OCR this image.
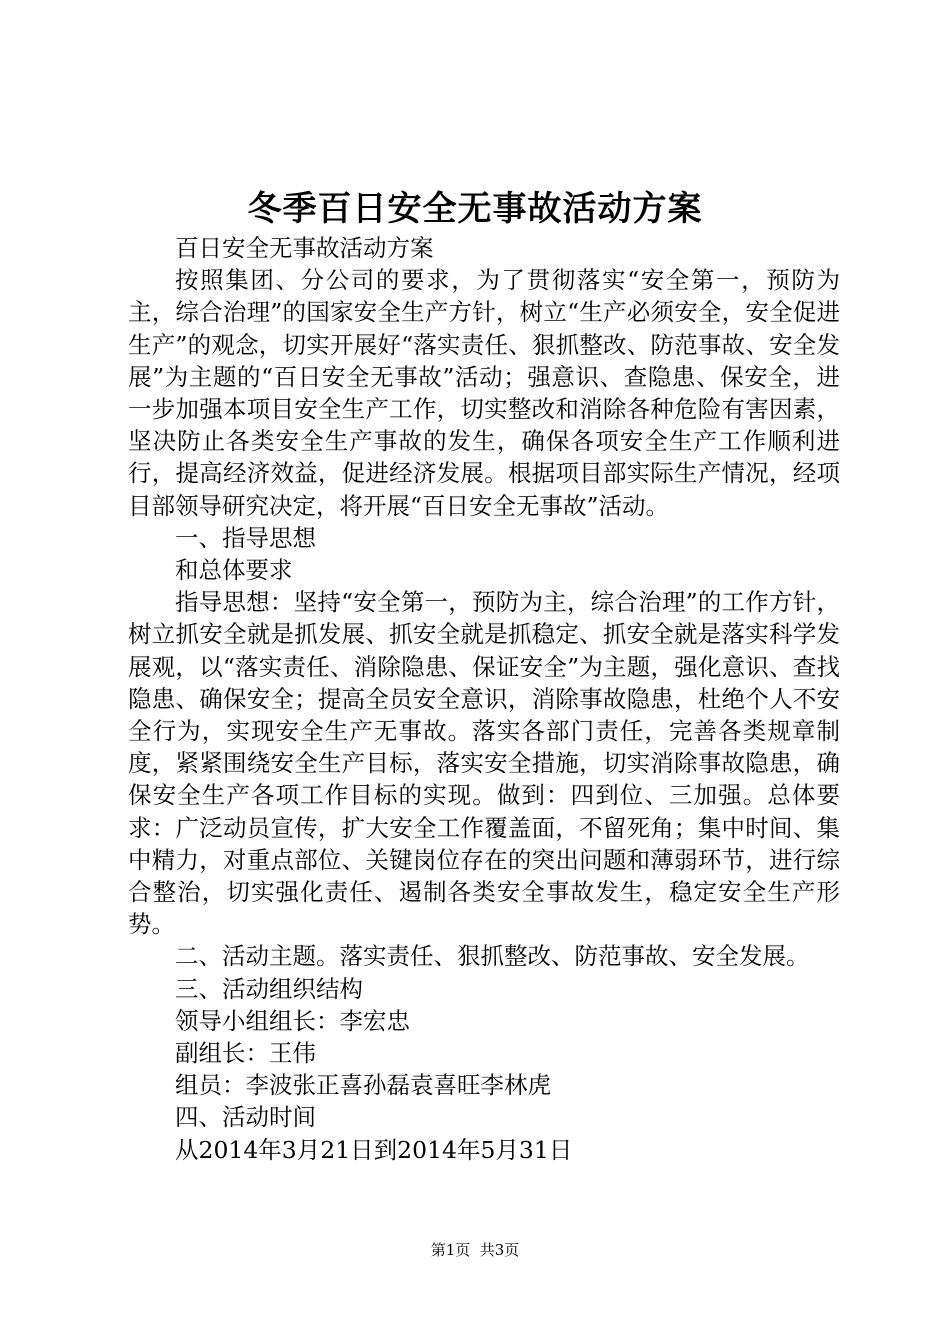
冬季百日安全无事故活动方案

百日安全无事故活动方案

按照集团、分公司的要求，为了贯彻落实“安全第一，预防为主，综合治理”的国家安全生产方针，树立“生产必须安全，安全促进生产”的观念，切实开展好“落实责任、狠抓整改、防范事故、安全发展”为主题的“百日安全无事故”活动；强意识、查隐患、保安全，进一步加强本项目安全生产工作，切实整改和消除各种危险有害因素，坚决防止各类安全生产事故的发生，确保各项安全生产工作顺利进行，提高经济效益，促进经济发展。根据项目部实际生产情况，经项目部领导研究决定，将开展“百日安全无事故”活动。

一、指导思想

和总体要求

指导思想：坚持“安全第一，预防为主，综合治理”的工作方针，树立抓安全就是抓发展、抓安全就是抓稳定、抓安全就是落实科学发展观，以“落实责任、消除隐患、保证安全”为主题，强化意识、查找隐患、确保安全；提高全员安全意识，消除事故隐患，杜绝个人不安全行为，实现安全生产无事故。落实各部门责任，完善各类规章制度，紧紧围绕安全生产目标，落实安全措施，切实消除事故隐患，确保安全生产各项工作目标的实现。做到：四到位、三加强。总体要求：广泛动员宣传，扩大安全工作覆盖面，不留死角；集中时间、集中精力，对重点部位、关键岗位存在的突出问题和薄弱环节，进行综合整治，切实强化责任、遏制各类安全事故发生，稳定安全生产形势。

二、活动主题。落实责任、狠抓整改、防范事故、安全发展。

三、活动组织结构

领导小组组长：李宏忠

副组长：王伟

组员：李波张正喜孙磊袁喜旺李林虎

四、活动时间

从2014年3月21日到2014年5月31日

第1页  共3页
